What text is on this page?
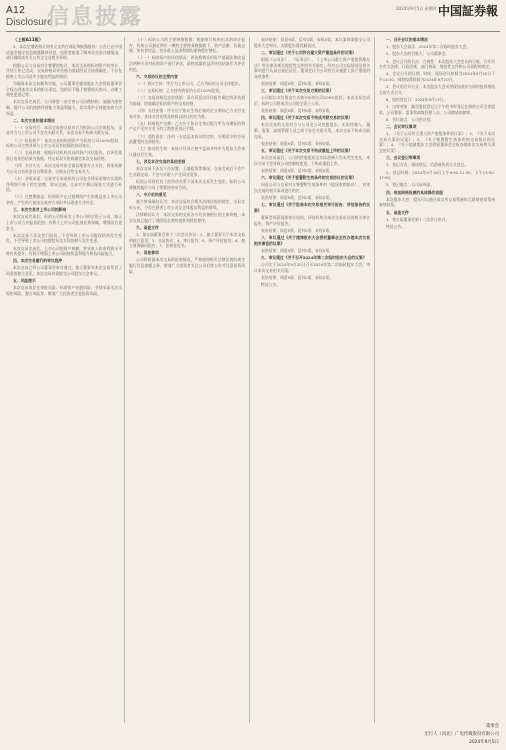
A12
Disclosure
信息披露	2024年9月5日 星期四 中国証券報

（上接A11版）

5、本次定增收购计划书全文所在网址和披露报纸：公告已在中国证监会指定信息披露媒体刊登，投资者如需了解本次交易详细情况，请仔细阅读有关公告全文及相关资料。

根据公司与交易对方签署的协议，本次交易的标的资产的审计、评估工作已完成，交易价格以评估值为基础经双方协商确定，不存在损害上市公司及中小股东利益的情形。

为确保本次交易顺利实施，公司董事会提请股东大会授权董事会全权办理本次交易的相关事宜，包括但不限于签署相关协议、办理工商变更登记等。

本次交易完成后，公司将进一步完善公司治理结构，加强内部控制，提升公司的持续经营能力和盈利能力，切实维护全体股东的合法权益。

二、本次交易的基本情况

（一）交易对方：本次交易的交易对方为标的公司全体股东，交易对方与上市公司不存在关联关系，本次交易不构成关联交易。

（二）标的资产：本次交易的标的资产为标的公司100%股权，标的公司主营业务与上市公司具有较强的协同效应。

（三）交易价格：根据评估机构出具的资产评估报告，以评估基准日的评估结果为依据，经交易双方协商确定本次交易价格。

（四）支付方式：本次交易对价全部以现金方式支付，资金来源为公司自有资金及自筹资金，分期支付给交易对方。

（五）业绩承诺：交易对方承诺标的公司在业绩承诺期内实现的净利润不低于约定金额，如未达到，交易对方将以现金方式进行补偿。

（六）过渡期损益：标的资产在过渡期间产生的收益由上市公司享有，产生的亏损由交易对方承担并以现金方式补足。

三、本次交易对上市公司的影响

本次交易完成后，标的公司将成为上市公司的全资子公司，纳入上市公司合并报表范围，有利于上市公司拓展业务领域，增强综合竞争力。

本次交易不涉及发行股份，不会导致上市公司股权结构发生变化，不会导致上市公司控股股东及实际控制人发生变更。

本次交易完成后，上市公司的资产规模、营业收入和净利润水平将有所提升，有利于增强上市公司的持续盈利能力和抗风险能力。

四、本次交易履行的审议程序

本次交易已经公司董事会审议通过，独立董事对本次交易发表了同意的独立意见，本次交易尚需提交公司股东大会审议。

五、风险提示

本次交易尚存在审批风险、标的资产估值风险、业绩承诺无法实现的风险、整合风险等，敬请广大投资者注意投资风险。

（十）标的公司的主要财务数据：根据审计机构出具的审计报告，标的公司最近两年一期的主要财务数据如下，资产总额、负债总额、所有者权益、营业收入及净利润均保持稳定增长。

（十一）标的资产的评估情况：评估机构采用资产基础法和收益法两种方法对标的资产进行评估，最终选取收益法评估结果作为评估结论。

六、交易协议的主要内容

（一）协议主体：甲方为上市公司，乙方为标的公司全体股东。

（二）交易标的：乙方持有的标的公司100%股权。

（三）交易价格及定价依据：双方同意以评估报告确定的评估值为基础，协商确定标的资产的交易价格。

（四）支付安排：甲方应于协议生效后按约定分期向乙方支付交易对价，具体支付比例及时间以协议约定为准。

（五）标的资产交割：乙方应于协议生效后配合甲方办理标的资产过户至甲方名下的工商变更登记手续。

（六）违约责任：任何一方违反本协议约定的，应赔偿守约方因此遭受的全部损失。

（七）协议的生效：本协议经双方签字盖章并经甲方股东大会审议通过后生效。

七、涉及本次交易的其他安排

本次交易不涉及人员安置、土地租赁等情况，交易完成后不会产生关联交易，不会与关联人产生同业竞争。

标的公司现有员工的劳动关系不因本次交易发生变化，标的公司将继续履行与员工签署的劳动合同。

八、中介机构意见

独立财务顾问认为：本次交易符合相关法律法规的规定，交易定价公允，不存在损害上市公司及全体股东利益的情形。

法律顾问认为：本次交易的交易各方均具备相应的主体资格，本次交易已履行了现阶段必要的批准和授权程序。

九、备查文件

1、第五届董事会第十二次会议决议；2、独立董事关于本次交易的独立意见；3、交易协议；4、审计报告；5、资产评估报告；6、独立财务顾问报告；7、法律意见书。

十、其他事项

公司将根据本次交易的进展情况，严格按照相关法律法规的规定履行信息披露义务，敬请广大投资者关注公司后续公告并注意投资风险。

表决结果：同意9票，反对0票，弃权0票。本议案尚需提交公司股东大会审议，关联股东需回避表决。

二、审议通过《关于公司符合重大资产重组条件的议案》

根据《公司法》、《证券法》、《上市公司重大资产重组管理办法》等法律法规及规范性文件的有关规定，经对公司实际情况及相关事项进行认真自查论证后，董事会认为公司符合实施重大资产重组的各项条件。

表决结果：同意9票，反对0票，弃权0票。

三、审议通过《关于本次交易方案的议案》

公司拟以支付现金方式购买标的公司100%股权，本次交易完成后，标的公司将成为公司的全资子公司。

表决结果：同意9票，反对0票，弃权0票。

四、审议通过《关于本次交易不构成关联交易的议案》

本次交易的交易对方与公司及公司控股股东、实际控制人、董事、监事、高级管理人员之间不存在关联关系，本次交易不构成关联交易。

表决结果：同意9票，反对0票，弃权0票。

五、审议通过《关于本次交易不构成重组上市的议案》

本次交易前后，公司的控股股东及实际控制人均未发生变化，本次交易不会导致公司控制权变更，不构成重组上市。

表决结果：同意9票，反对0票，弃权0票。

六、审议通过《关于签署附生效条件的交易协议的议案》

同意公司与交易对方签署附生效条件的《股权收购协议》，对本次交易的相关事项进行约定。

表决结果：同意9票，反对0票，弃权0票。

七、审议通过《关于批准本次交易相关审计报告、评估报告的议案》

董事会同意批准审计机构、评估机构为本次交易出具的相关审计报告、资产评估报告。

表决结果：同意9票，反对0票，弃权0票。

八、审议通过《关于提请股东大会授权董事会全权办理本次交易相关事宜的议案》

表决结果：同意9票，反对0票，弃权0票。

九、审议通过《关于召开2024年第二次临时股东大会的议案》

公司定于2024年9月20日召开2024年第二次临时股东大会，审议本次交易相关议案。

表决结果：同意9票，反对0票，弃权0票。

特此公告。

一、召开会议的基本情况

1、股东大会届次：2024年第二次临时股东大会。

2、股东大会的召集人：公司董事会。

3、会议召开的合法、合规性：本次股东大会会议的召集、召开符合有关法律、行政法规、部门规章、规范性文件和公司章程的规定。

4、会议召开的日期、时间：现场会议时间为2024年9月20日下午14:30；网络投票时间为2024年9月20日。

5、会议的召开方式：本次股东大会采用现场表决与网络投票相结合的方式召开。

6、股权登记日：2024年9月13日。

7、出席对象：截至股权登记日下午收市时登记在册的公司全体股东，公司董事、监事和高级管理人员，公司聘请的律师。

8、会议地点：公司会议室。

二、会议审议事项

1、《关于公司符合重大资产重组条件的议案》；2、《关于本次交易方案的议案》；3、《关于签署附生效条件的交易协议的议案》；4、《关于提请股东大会授权董事会全权办理本次交易相关事宜的议案》。

三、会议登记等事项

1、登记方式：现场登记、信函或传真方式登记。

2、登记时间：2024年9月18日上午9:00-11:30，下午13:30-17:00。

3、登记地点：公司证券部。

四、参加网络投票的具体操作流程

本次股东大会，股东可以通过深交所交易系统和互联网投票系统参加投票。

五、备查文件

1、第五届董事会第十二次会议决议。

特此公告。

董事会
宏行人（河北）广电传媒股份有限公司
2024年9月5日
